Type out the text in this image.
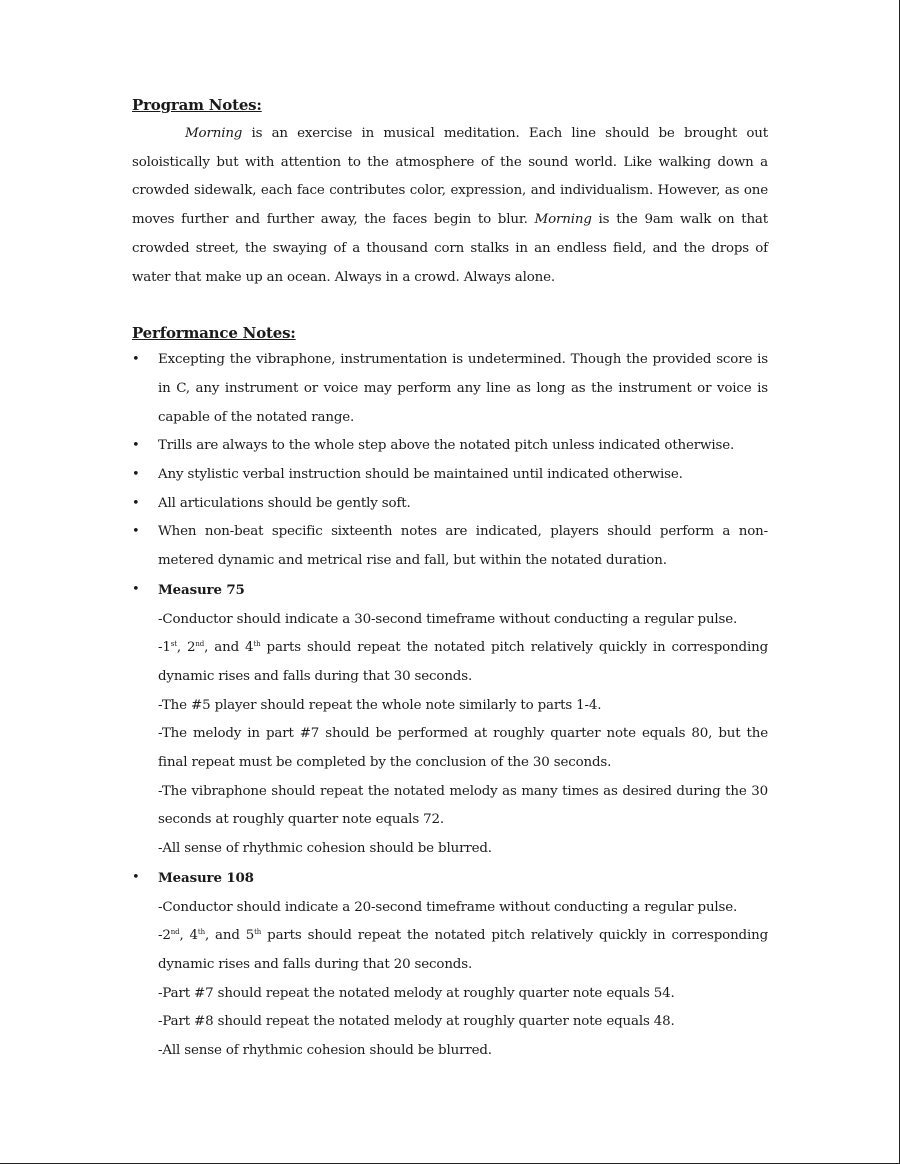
Program Notes:

Morning is an exercise in musical meditation. Each line should be brought out soloistically but with attention to the atmosphere of the sound world. Like walking down a crowded sidewalk, each face contributes color, expression, and individualism. However, as one moves further and further away, the faces begin to blur. Morning is the 9am walk on that crowded street, the swaying of a thousand corn stalks in an endless field, and the drops of water that make up an ocean. Always in a crowd. Always alone.

Performance Notes:
• Excepting the vibraphone, instrumentation is undetermined. Though the provided score is in C, any instrument or voice may perform any line as long as the instrument or voice is capable of the notated range.
• Trills are always to the whole step above the notated pitch unless indicated otherwise.
• Any stylistic verbal instruction should be maintained until indicated otherwise.
• All articulations should be gently soft.
• When non-beat specific sixteenth notes are indicated, players should perform a non-metered dynamic and metrical rise and fall, but within the notated duration.
• Measure 75
-Conductor should indicate a 30-second timeframe without conducting a regular pulse.
-1st, 2nd, and 4th parts should repeat the notated pitch relatively quickly in corresponding dynamic rises and falls during that 30 seconds.
-The #5 player should repeat the whole note similarly to parts 1-4.
-The melody in part #7 should be performed at roughly quarter note equals 80, but the final repeat must be completed by the conclusion of the 30 seconds.
-The vibraphone should repeat the notated melody as many times as desired during the 30 seconds at roughly quarter note equals 72.
-All sense of rhythmic cohesion should be blurred.
• Measure 108
-Conductor should indicate a 20-second timeframe without conducting a regular pulse.
-2nd, 4th, and 5th parts should repeat the notated pitch relatively quickly in corresponding dynamic rises and falls during that 20 seconds.
-Part #7 should repeat the notated melody at roughly quarter note equals 54.
-Part #8 should repeat the notated melody at roughly quarter note equals 48.
-All sense of rhythmic cohesion should be blurred.
